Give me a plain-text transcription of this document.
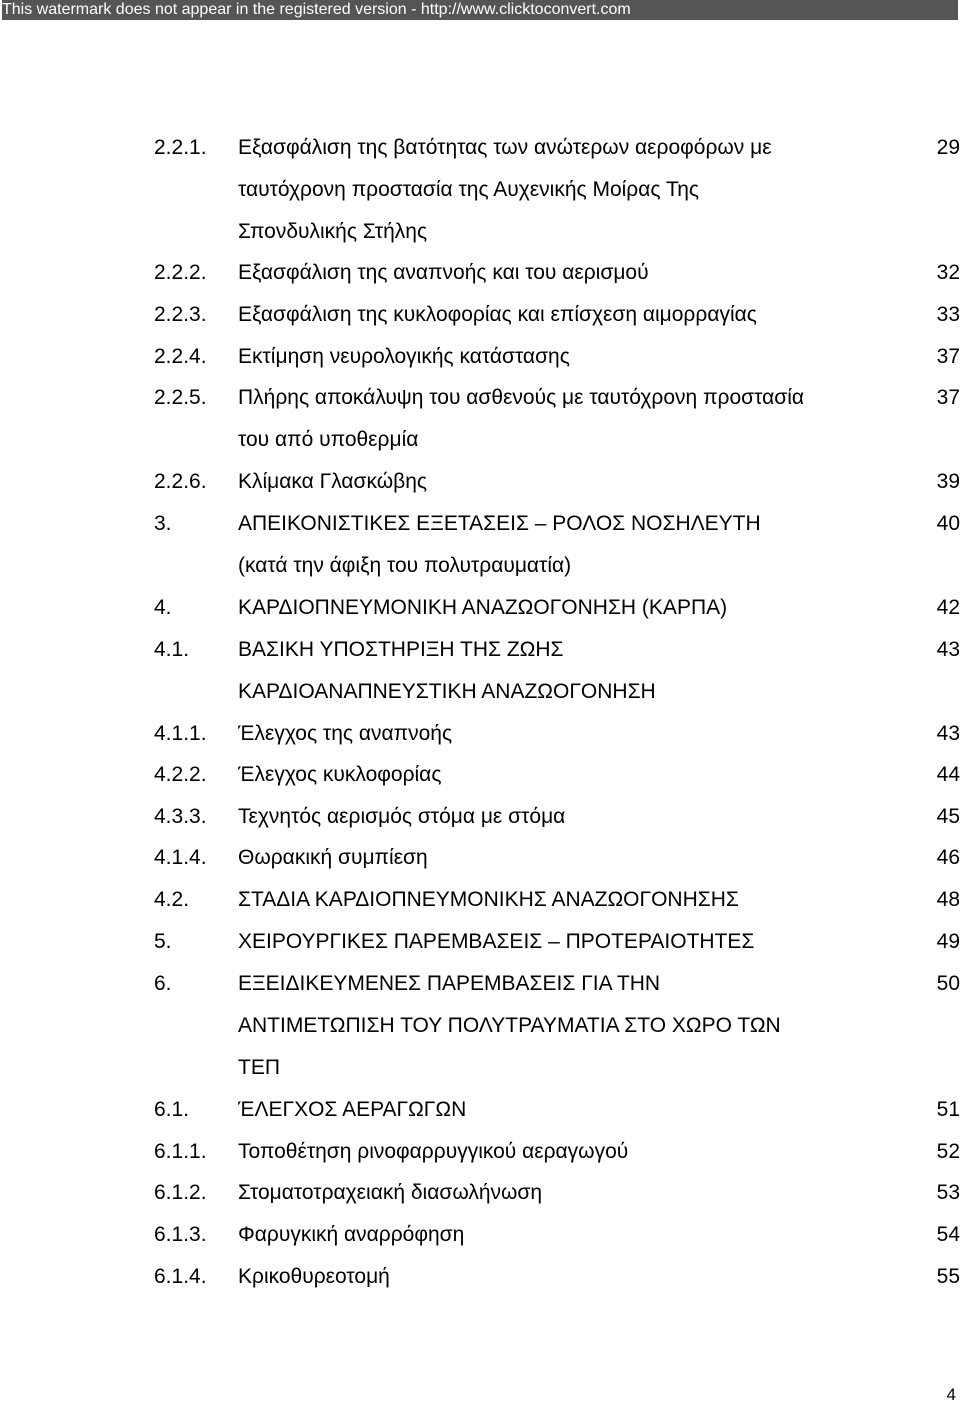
This watermark does not appear in the registered version - http://www.clicktoconvert.com
2.2.1. Εξασφάλιση της βατότητας των ανώτερων αεροφόρων με	29
ταυτόχρονη προστασία της Αυχενικής Μοίρας Της
Σπονδυλικής Στήλης
2.2.2. Εξασφάλιση της αναπνοής και του αερισμού	32
2.2.3. Εξασφάλιση της κυκλοφορίας και επίσχεση αιμορραγίας	33
2.2.4. Εκτίμηση νευρολογικής κατάστασης	37
2.2.5. Πλήρης αποκάλυψη του ασθενούς με ταυτόχρονη προστασία	37
του από υποθερμία
2.2.6. Κλίμακα Γλασκώβης	39
3.	ΑΠΕΙΚΟΝΙΣΤΙΚΕΣ ΕΞΕΤΑΣΕΙΣ – ΡΟΛΟΣ ΝΟΣΗΛΕΥΤΗ	40
(κατά την άφιξη του πολυτραυματία)
4.	ΚΑΡΔΙΟΠΝΕΥΜΟΝΙΚΗ ΑΝΑΖΩΟΓΟΝΗΣΗ (ΚΑΡΠΑ)	42
4.1. ΒΑΣΙΚΗ ΥΠΟΣΤΗΡΙΞΗ ΤΗΣ ΖΩΗΣ	43
ΚΑΡΔΙΟΑΝΑΠΝΕΥΣΤΙΚΗ ΑΝΑΖΩΟΓΟΝΗΣΗ
4.1.1. Έλεγχος της αναπνοής	43
4.2.2. Έλεγχος κυκλοφορίας	44
4.3.3. Τεχνητός αερισμός στόμα με στόμα	45
4.1.4. Θωρακική συμπίεση	46
4.2. ΣΤΑΔΙΑ ΚΑΡΔΙΟΠΝΕΥΜΟΝΙΚΗΣ ΑΝΑΖΩΟΓΟΝΗΣΗΣ	48
5.	ΧΕΙΡΟΥΡΓΙΚΕΣ ΠΑΡΕΜΒΑΣΕΙΣ – ΠΡΟΤΕΡΑΙΟΤΗΤΕΣ	49
6.	ΕΞΕΙΔΙΚΕΥΜΕΝΕΣ ΠΑΡΕΜΒΑΣΕΙΣ ΓΙΑ ΤΗΝ	50
ΑΝΤΙΜΕΤΩΠΙΣΗ ΤΟΥ ΠΟΛΥΤΡΑΥΜΑΤΙΑ ΣΤΟ ΧΩΡΟ ΤΩΝ
ΤΕΠ
6.1. ΈΛΕΓΧΟΣ ΑΕΡΑΓΩΓΩΝ	51
6.1.1. Τοποθέτηση ρινοφαρρυγγικού αεραγωγού	52
6.1.2. Στοματοτραχειακή διασωλήνωση	53
6.1.3. Φαρυγκική αναρρόφηση	54
6.1.4. Κρικοθυρεοτομή	55
4
